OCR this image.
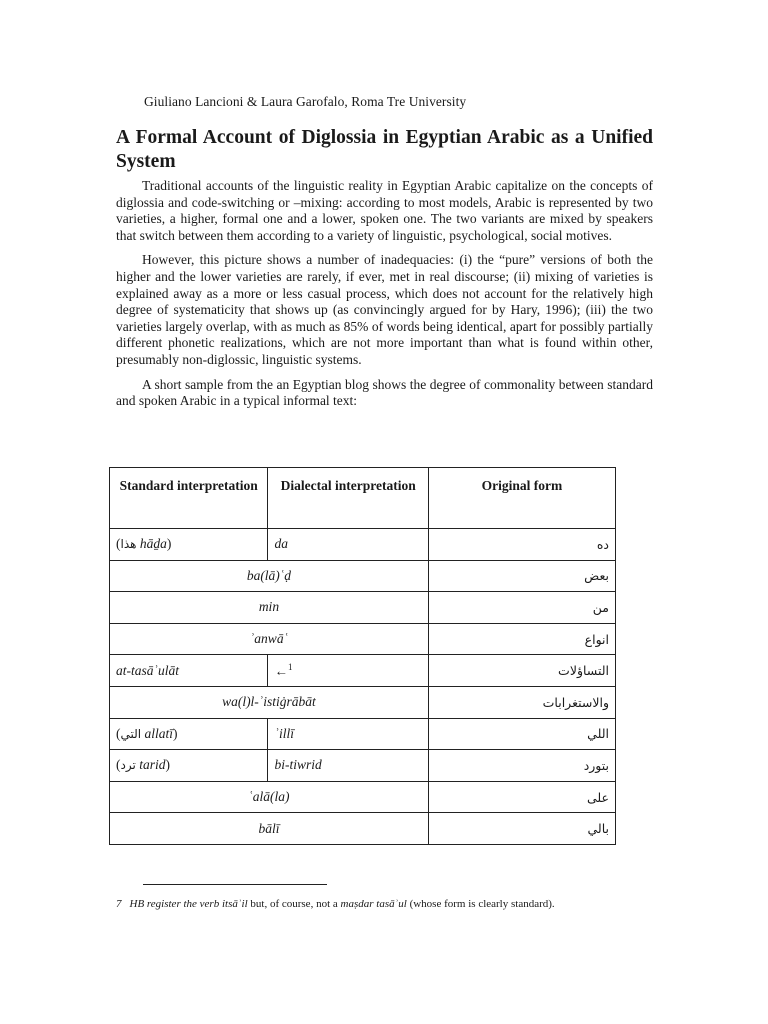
Giuliano Lancioni & Laura Garofalo, Roma Tre University
A Formal Account of Diglossia in Egyptian Arabic as a Unified System

Traditional accounts of the linguistic reality in Egyptian Arabic capitalize on the concepts of diglossia and code-switching or –mixing: according to most models, Arabic is represented by two varieties, a higher, formal one and a lower, spoken one. The two variants are mixed by speakers that switch between them according to a variety of linguistic, psychological, social motives.

However, this picture shows a number of inadequacies: (i) the “pure” versions of both the higher and the lower varieties are rarely, if ever, met in real discourse; (ii) mixing of varieties is explained away as a more or less casual process, which does not account for the relatively high degree of systematicity that shows up (as convincingly argued for by Hary, 1996); (iii) the two varieties largely overlap, with as much as 85% of words being identical, apart for possibly partially different phonetic realizations, which are not more important than what is found within other, presumably non-diglossic, linguistic systems.

A short sample from the an Egyptian blog shows the degree of commonality between standard and spoken Arabic in a typical informal text:

Standard interpretation	Dialectal interpretation	Original form
(هذا hāḏa)	da	ده
ba(lā)ʿḍ		بعض
min		من
ʾanwāʿ		انواع
at-tasāʾulāt	←$^1$	التساؤلات
wa(l)l-ʾistiġrābāt		والاستغرابات
(التي allatī)	ʾillī	اللي
(ترد tarid)	bi-tiwrid	بتورد
ʿalā(la)		على
bālī		بالي
7 HB register the verb itsāʾil but, of course, not a maṣdar tasāʾul (whose form is clearly standard).
